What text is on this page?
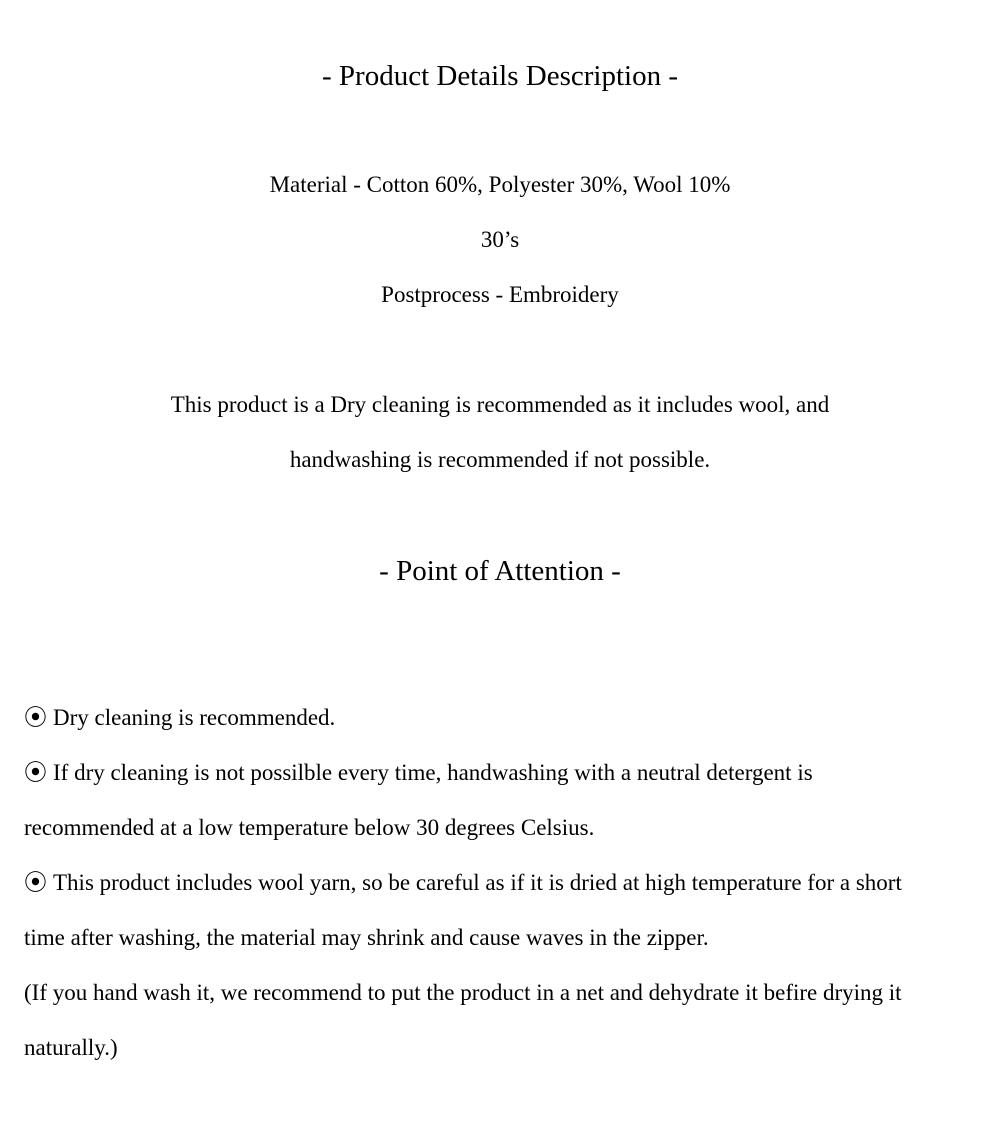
- Product Details Description -
Material - Cotton 60%, Polyester 30%, Wool 10%
30’s
Postprocess - Embroidery
This product is a Dry cleaning is recommended as it includes wool, and
handwashing is recommended if not possible.
- Point of Attention -
⦿ Dry cleaning is recommended.
⦿ If dry cleaning is not possilble every time, handwashing with a neutral detergent is
recommended at a low temperature below 30 degrees Celsius.
⦿ This product includes wool yarn, so be careful as if it is dried at high temperature for a short
time after washing, the material may shrink and cause waves in the zipper.
(If you hand wash it, we recommend to put the product in a net and dehydrate it befire drying it
naturally.)
